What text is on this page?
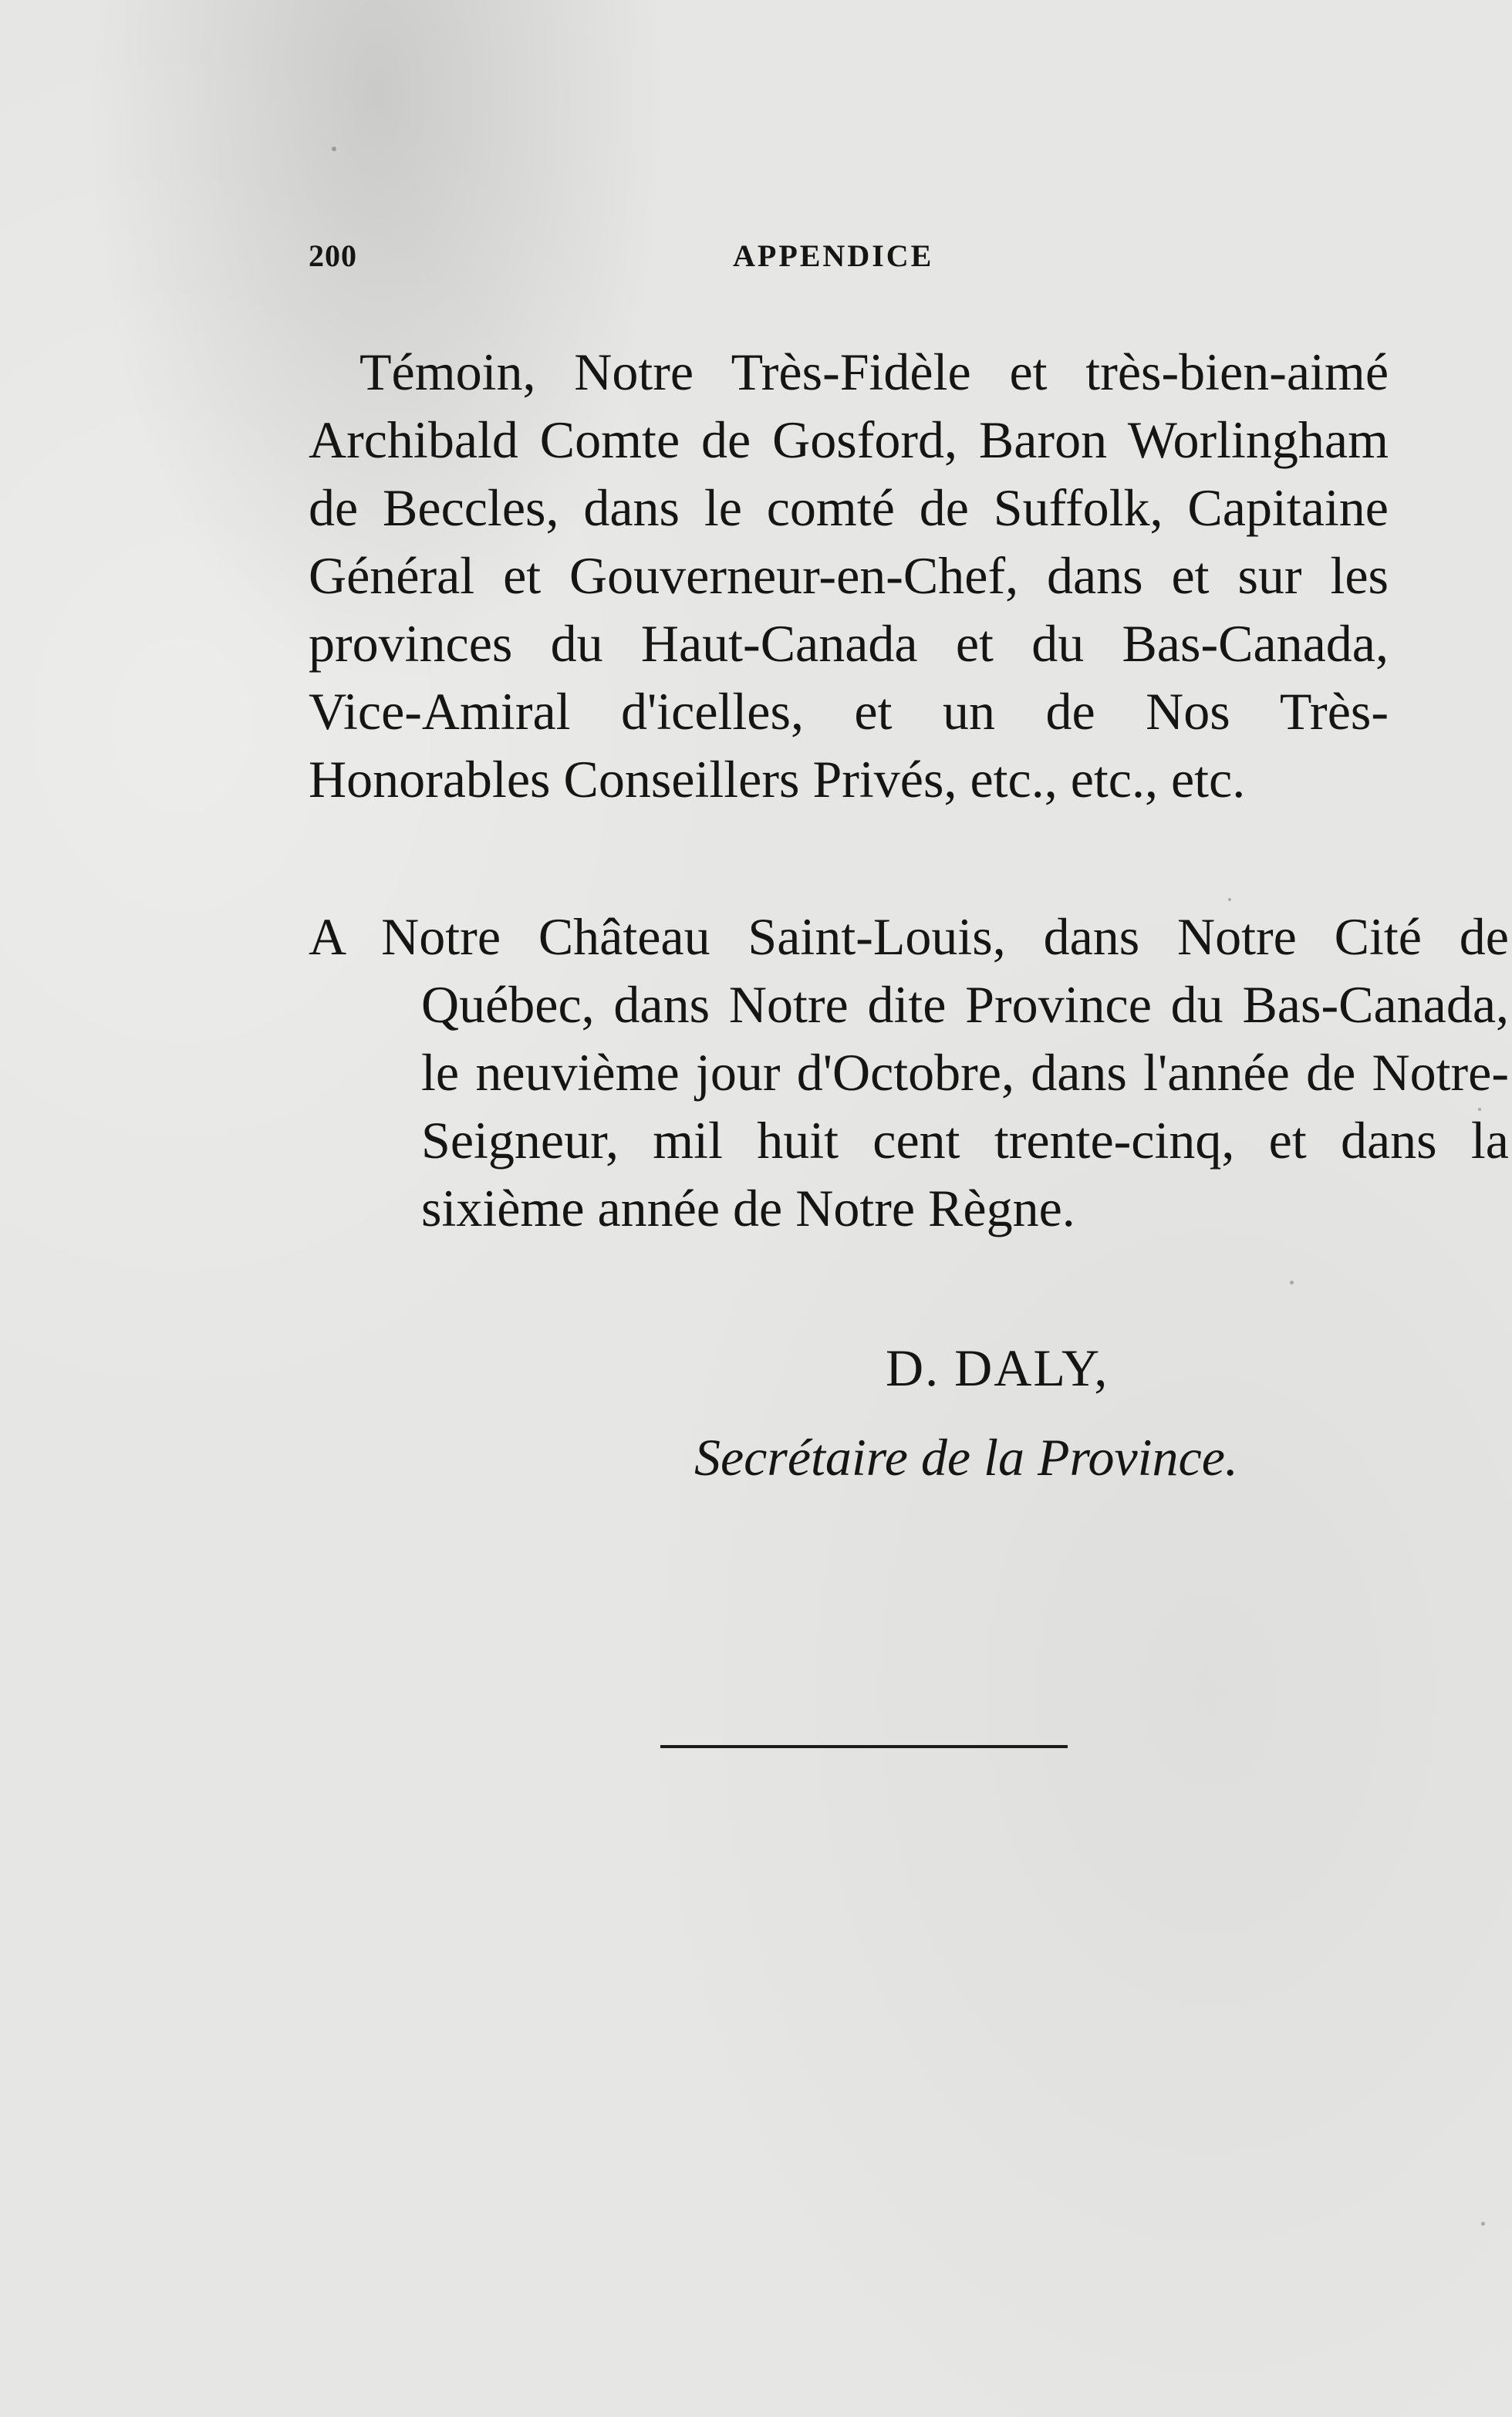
200	APPENDICE

Témoin, Notre Très-Fidèle et très-bien-aimé Archibald Comte de Gosford, Baron Worlingham de Beccles, dans le comté de Suffolk, Capitaine Général et Gouverneur-en-Chef, dans et sur les provinces du Haut-Canada et du Bas-Canada, Vice-Amiral d'icelles, et un de Nos Très-Honorables Conseillers Privés, etc., etc., etc.

A Notre Château Saint-Louis, dans Notre Cité de Québec, dans Notre dite Province du Bas-Canada, le neuvième jour d'Octobre, dans l'année de Notre-Seigneur, mil huit cent trente-cinq, et dans la sixième année de Notre Règne.

D. DALY,
Secrétaire de la Province.
